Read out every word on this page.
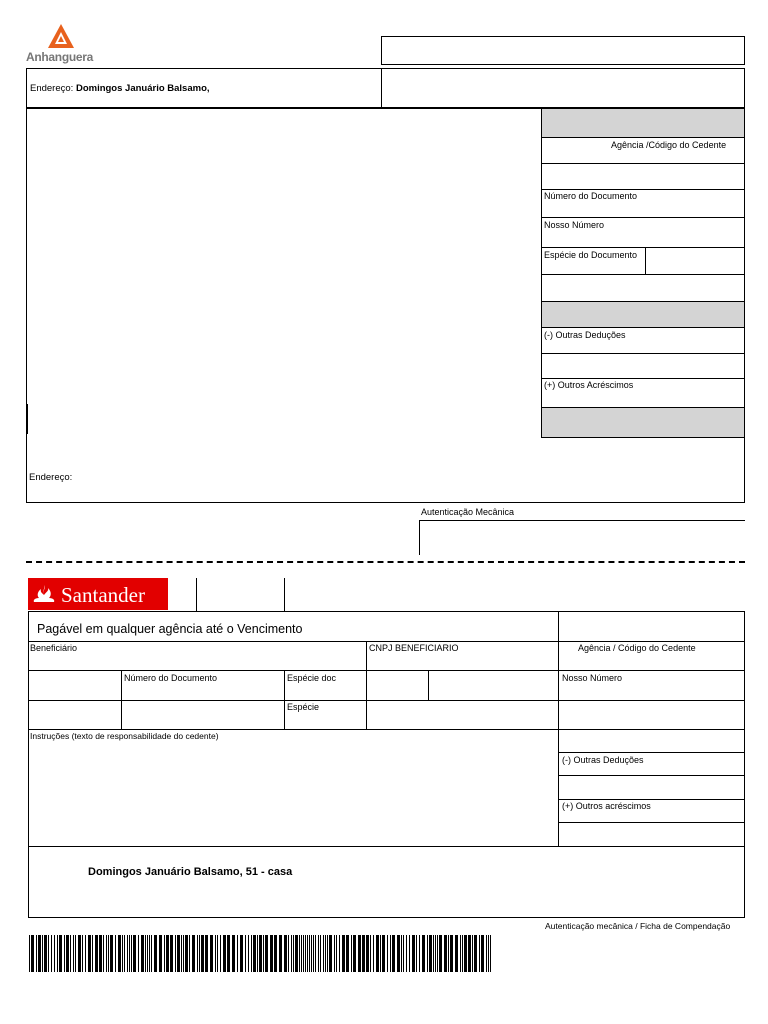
Anhanguera
Endereço: Domingos Januário Balsamo,
Agência /Código do Cedente
Número do Documento
Nosso Número
Espécie do Documento
(-) Outras Deduções
(+) Outros Acréscimos
Endereço:
Autenticação Mecânica
Santander
Pagável em qualquer agência até o Vencimento
Beneficiário	CNPJ BENEFICIARIO	Agência / Código do Cedente
Número do Documento	Espécie doc	Nosso Número
Espécie
Instruções (texto de responsabilidade do cedente)
(-) Outras Deduções
(+) Outros acréscimos
Domingos Januário Balsamo, 51 - casa
Autenticação mecânica / Ficha de Compendação
